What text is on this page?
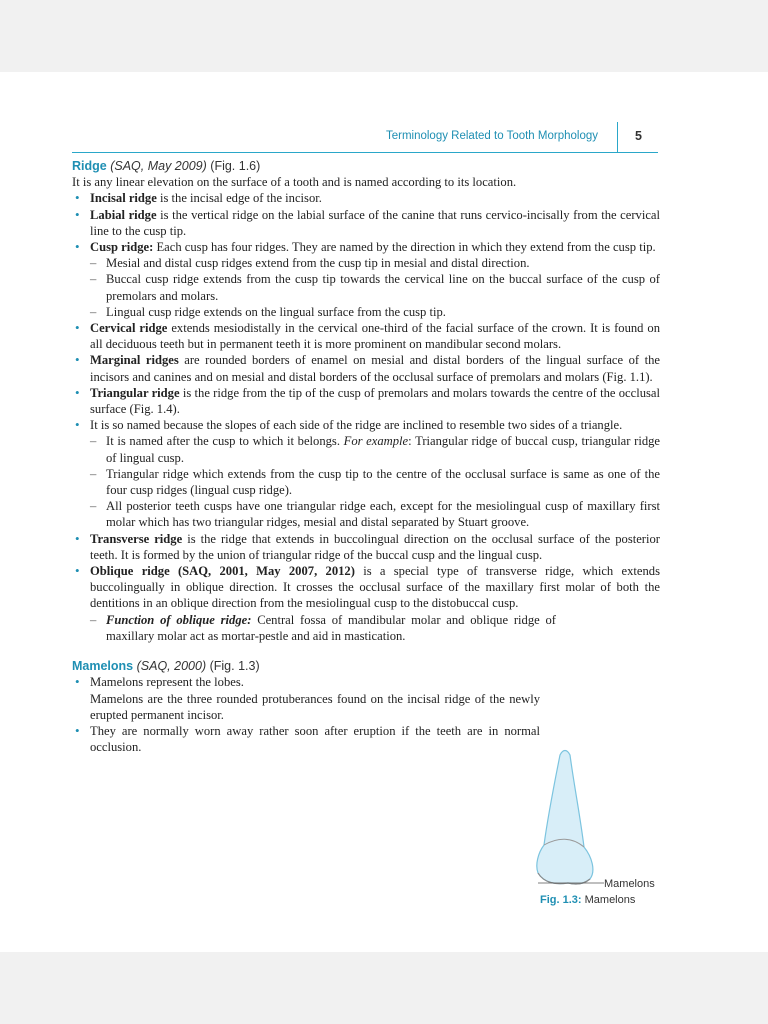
Terminology Related to Tooth Morphology	5
Ridge (SAQ, May 2009) (Fig. 1.6)

It is any linear elevation on the surface of a tooth and is named according to its location.

• Incisal ridge is the incisal edge of the incisor.
• Labial ridge is the vertical ridge on the labial surface of the canine that runs cervico-incisally from the cervical line to the cusp tip.
• Cusp ridge: Each cusp has four ridges. They are named by the direction in which they extend from the cusp tip.
– Mesial and distal cusp ridges extend from the cusp tip in mesial and distal direction.
– Buccal cusp ridge extends from the cusp tip towards the cervical line on the buccal surface of the cusp of premolars and molars.
– Lingual cusp ridge extends on the lingual surface from the cusp tip.
• Cervical ridge extends mesiodistally in the cervical one-third of the facial surface of the crown. It is found on all deciduous teeth but in permanent teeth it is more prominent on mandibular second molars.
• Marginal ridges are rounded borders of enamel on mesial and distal borders of the lingual surface of the incisors and canines and on mesial and distal borders of the occlusal surface of premolars and molars (Fig. 1.1).
• Triangular ridge is the ridge from the tip of the cusp of premolars and molars towards the centre of the occlusal surface (Fig. 1.4).
• It is so named because the slopes of each side of the ridge are inclined to resemble two sides of a triangle.
– It is named after the cusp to which it belongs. For example: Triangular ridge of buccal cusp, triangular ridge of lingual cusp.
– Triangular ridge which extends from the cusp tip to the centre of the occlusal surface is same as one of the four cusp ridges (lingual cusp ridge).
– All posterior teeth cusps have one triangular ridge each, except for the mesiolingual cusp of maxillary first molar which has two triangular ridges, mesial and distal separated by Stuart groove.
• Transverse ridge is the ridge that extends in buccolingual direction on the occlusal surface of the posterior teeth. It is formed by the union of triangular ridge of the buccal cusp and the lingual cusp.
• Oblique ridge (SAQ, 2001, May 2007, 2012) is a special type of transverse ridge, which extends buccolingually in oblique direction. It crosses the occlusal surface of the maxillary first molar of both the dentitions in an oblique direction from the mesiolingual cusp to the distobuccal cusp.
– Function of oblique ridge: Central fossa of mandibular molar and oblique ridge of maxillary molar act as mortar-pestle and aid in mastication.
Mamelons (SAQ, 2000) (Fig. 1.3)
• Mamelons represent the lobes.
Mamelons are the three rounded protuberances found on the incisal ridge of the newly erupted permanent incisor.
• They are normally worn away rather soon after eruption if the teeth are in normal occlusion.
Mamelons
Fig. 1.3: Mamelons
